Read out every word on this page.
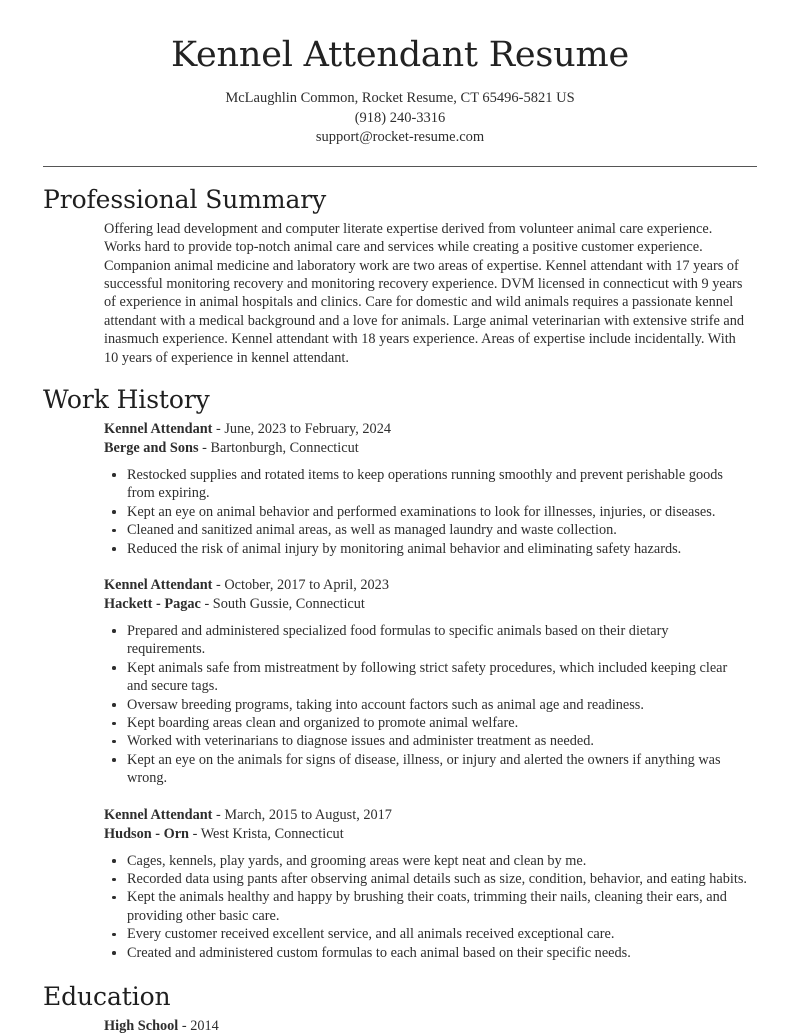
Kennel Attendant Resume
McLaughlin Common, Rocket Resume, CT 65496-5821 US
(918) 240-3316
support@rocket-resume.com
Professional Summary

Offering lead development and computer literate expertise derived from volunteer animal care experience. Works hard to provide top-notch animal care and services while creating a positive customer experience. Companion animal medicine and laboratory work are two areas of expertise. Kennel attendant with 17 years of successful monitoring recovery and monitoring recovery experience. DVM licensed in connecticut with 9 years of experience in animal hospitals and clinics. Care for domestic and wild animals requires a passionate kennel attendant with a medical background and a love for animals. Large animal veterinarian with extensive strife and inasmuch experience. Kennel attendant with 18 years experience. Areas of expertise include incidentally. With 10 years of experience in kennel attendant.

Work History
Kennel Attendant - June, 2023 to February, 2024
Berge and Sons - Bartonburgh, Connecticut
Restocked supplies and rotated items to keep operations running smoothly and prevent perishable goods from expiring.
Kept an eye on animal behavior and performed examinations to look for illnesses, injuries, or diseases.
Cleaned and sanitized animal areas, as well as managed laundry and waste collection.
Reduced the risk of animal injury by monitoring animal behavior and eliminating safety hazards.
Kennel Attendant - October, 2017 to April, 2023
Hackett - Pagac - South Gussie, Connecticut
Prepared and administered specialized food formulas to specific animals based on their dietary requirements.
Kept animals safe from mistreatment by following strict safety procedures, which included keeping clear and secure tags.
Oversaw breeding programs, taking into account factors such as animal age and readiness.
Kept boarding areas clean and organized to promote animal welfare.
Worked with veterinarians to diagnose issues and administer treatment as needed.
Kept an eye on the animals for signs of disease, illness, or injury and alerted the owners if anything was wrong.
Kennel Attendant - March, 2015 to August, 2017
Hudson - Orn - West Krista, Connecticut
Cages, kennels, play yards, and grooming areas were kept neat and clean by me.
Recorded data using pants after observing animal details such as size, condition, behavior, and eating habits.
Kept the animals healthy and happy by brushing their coats, trimming their nails, cleaning their ears, and providing other basic care.
Every customer received excellent service, and all animals received exceptional care.
Created and administered custom formulas to each animal based on their specific needs.
Education
High School - 2014
